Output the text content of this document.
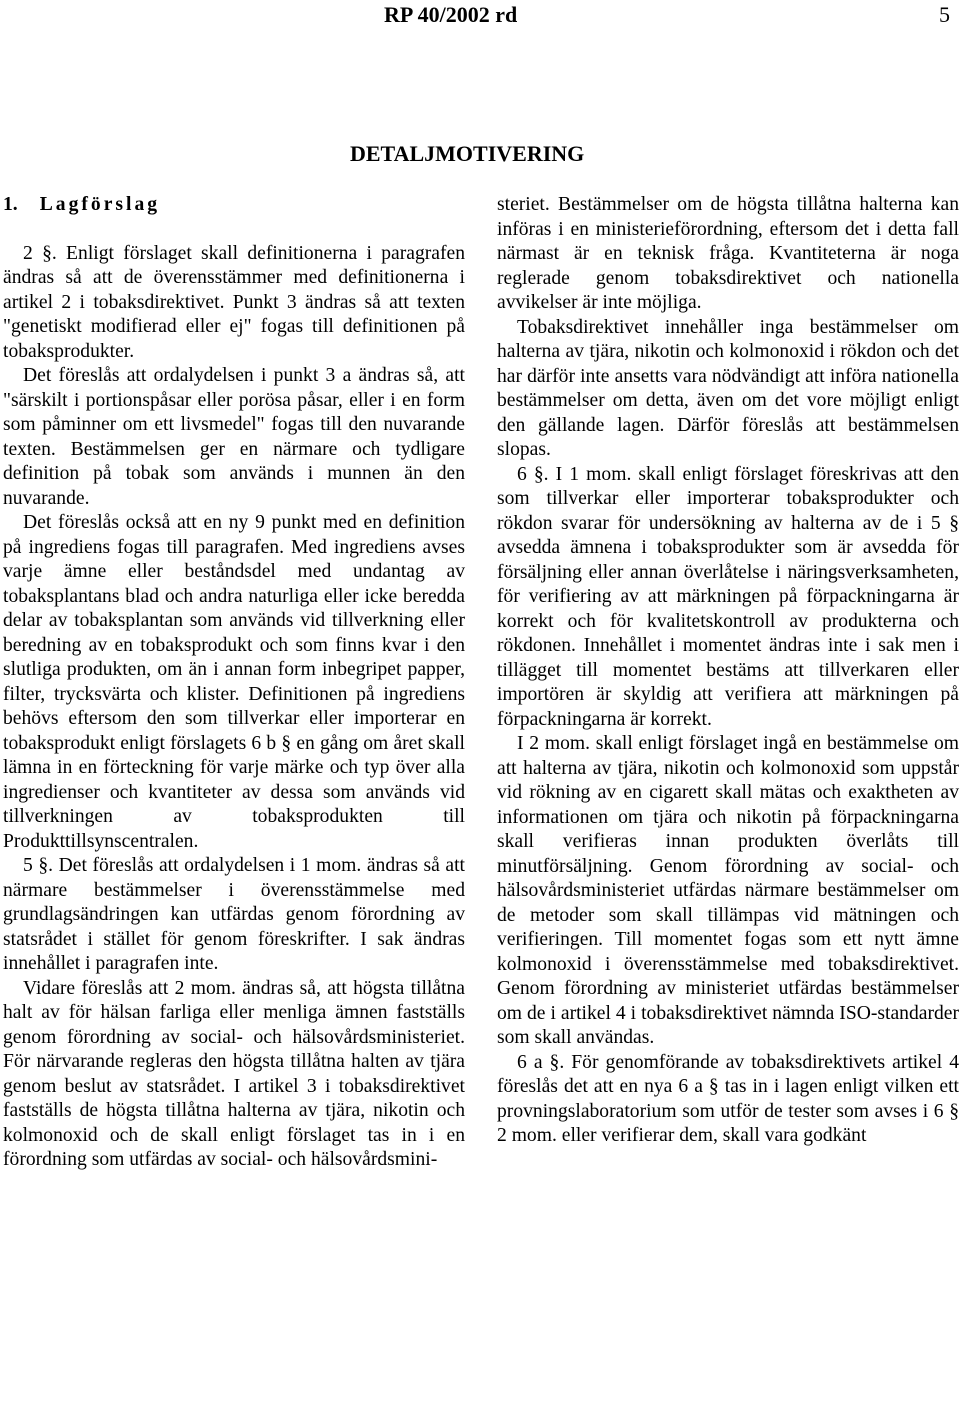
RP 40/2002 rd	5
DETALJMOTIVERING
1. Lagförslag

2 §. Enligt förslaget skall definitionerna i paragrafen ändras så att de överensstämmer med definitionerna i artikel 2 i tobaksdirektivet. Punkt 3 ändras så att texten "genetiskt modifierad eller ej" fogas till definitionen på tobaksprodukter.

Det föreslås att ordalydelsen i punkt 3 a ändras så, att "särskilt i portionspåsar eller porösa påsar, eller i en form som påminner om ett livsmedel" fogas till den nuvarande texten. Bestämmelsen ger en närmare och tydligare definition på tobak som används i munnen än den nuvarande.

Det föreslås också att en ny 9 punkt med en definition på ingrediens fogas till paragrafen. Med ingrediens avses varje ämne eller beståndsdel med undantag av tobaksplantans blad och andra naturliga eller icke beredda delar av tobaksplantan som används vid tillverkning eller beredning av en tobaksprodukt och som finns kvar i den slutliga produkten, om än i annan form inbegripet papper, filter, trycksvärta och klister. Definitionen på ingrediens behövs eftersom den som tillverkar eller importerar en tobaksprodukt enligt förslagets 6 b § en gång om året skall lämna in en förteckning för varje märke och typ över alla ingredienser och kvantiteter av dessa som används vid tillverkningen av tobaksprodukten till Produkttillsynscentralen.

5 §. Det föreslås att ordalydelsen i 1 mom. ändras så att närmare bestämmelser i överensstämmelse med grundlagsändringen kan utfärdas genom förordning av statsrådet i stället för genom föreskrifter. I sak ändras innehållet i paragrafen inte.

Vidare föreslås att 2 mom. ändras så, att högsta tillåtna halt av för hälsan farliga eller menliga ämnen fastställs genom förordning av social- och hälsovårdsministeriet. För närvarande regleras den högsta tillåtna halten av tjära genom beslut av statsrådet. I artikel 3 i tobaksdirektivet fastställs de högsta tillåtna halterna av tjära, nikotin och kolmonoxid och de skall enligt förslaget tas in i en förordning som utfärdas av social- och hälsovårdsmini-

steriet. Bestämmelser om de högsta tillåtna halterna kan införas i en ministerieförordning, eftersom det i detta fall närmast är en teknisk fråga. Kvantiteterna är noga reglerade genom tobaksdirektivet och nationella avvikelser är inte möjliga.

Tobaksdirektivet innehåller inga bestämmelser om halterna av tjära, nikotin och kolmonoxid i rökdon och det har därför inte ansetts vara nödvändigt att införa nationella bestämmelser om detta, även om det vore möjligt enligt den gällande lagen. Därför föreslås att bestämmelsen slopas.

6 §. I 1 mom. skall enligt förslaget föreskrivas att den som tillverkar eller importerar tobaksprodukter och rökdon svarar för undersökning av halterna av de i 5 § avsedda ämnena i tobaksprodukter som är avsedda för försäljning eller annan överlåtelse i näringsverksamheten, för verifiering av att märkningen på förpackningarna är korrekt och för kvalitetskontroll av produkterna och rökdonen. Innehållet i momentet ändras inte i sak men i tillägget till momentet bestäms att tillverkaren eller importören är skyldig att verifiera att märkningen på förpackningarna är korrekt.

I 2 mom. skall enligt förslaget ingå en bestämmelse om att halterna av tjära, nikotin och kolmonoxid som uppstår vid rökning av en cigarett skall mätas och exaktheten av informationen om tjära och nikotin på förpackningarna skall verifieras innan produkten överlåts till minutförsäljning. Genom förordning av social- och hälsovårdsministeriet utfärdas närmare bestämmelser om de metoder som skall tillämpas vid mätningen och verifieringen. Till momentet fogas som ett nytt ämne kolmonoxid i överensstämmelse med tobaksdirektivet. Genom förordning av ministeriet utfärdas bestämmelser om de i artikel 4 i tobaksdirektivet nämnda ISO-standarder som skall användas.

6 a §. För genomförande av tobaksdirektivets artikel 4 föreslås det att en nya 6 a § tas in i lagen enligt vilken ett provningslaboratorium som utför de tester som avses i 6 § 2 mom. eller verifierar dem, skall vara godkänt
